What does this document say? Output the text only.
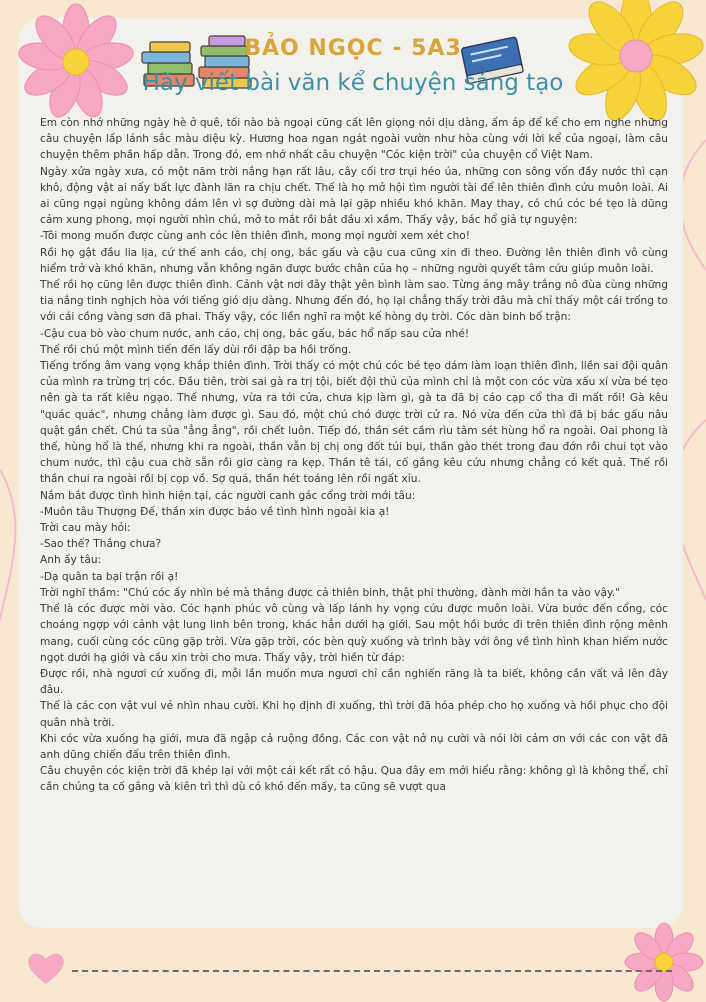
BẢO NGỌC - 5A3
Hãy viết bài văn kể chuyện sáng tạo

Em còn nhớ những ngày hè ở quê, tối nào bà ngoại cũng cất lên giọng nói dịu dàng, ấm áp để kể cho em nghe những câu chuyện lấp lánh sắc màu diệu kỳ. Hương hoa ngan ngát ngoài vườn như hòa cùng với lời kể của ngoại, làm câu chuyện thêm phần hấp dẫn. Trong đó, em nhớ nhất câu chuyện "Cóc kiện trời" của chuyện cổ Việt Nam.

Ngày xửa ngày xưa, có một năm trời nắng hạn rất lâu, cây cối trơ trụi héo úa, những con sông vốn đầy nước thì cạn khô, động vật ai nấy bất lực đành lăn ra chịu chết. Thế là họ mở hội tìm người tài để lên thiên đình cứu muôn loài. Ai ai cũng ngại ngùng không dám lên vì sợ đường dài mà lại gặp nhiều khó khăn. May thay, có chú cóc bé tẹo là dũng cảm xung phong, mọi người nhìn chú, mở to mắt rồi bắt đầu xì xầm. Thấy vậy, bác hổ giả tự nguyện:

-Tôi mong muốn được cùng anh cóc lên thiên đình, mong mọi người xem xét cho!

Rồi họ gật đầu lia lịa, cứ thế anh cáo, chị ong, bác gấu và cậu cua cũng xin đi theo. Đường lên thiên đình vô cùng hiểm trở và khó khăn, nhưng vẫn không ngăn được bước chân của họ – những người quyết tâm cứu giúp muôn loài.

Thế rồi họ cũng lên được thiên đình. Cảnh vật nơi đây thật yên bình làm sao. Từng áng mây trắng nô đùa cùng những tia nắng tinh nghịch hòa với tiếng gió dịu dàng. Nhưng đến đó, họ lại chẳng thấy trời đâu mà chỉ thấy một cái trống to với cái cồng vàng sơn đã phai. Thấy vậy, cóc liền nghĩ ra một kế hòng dụ trời. Cóc dàn binh bố trận:

-Cậu cua bò vào chum nước, anh cáo, chị ong, bác gấu, bác hổ nấp sau cửa nhé!

Thế rồi chú một mình tiến đến lấy dùi rồi đập ba hồi trống.

Tiếng trống âm vang vọng khắp thiên đình. Trời thấy có một chú cóc bé tẹo dám làm loạn thiên đình, liền sai đội quân của mình ra trừng trị cóc. Đầu tiên, trời sai gà ra trị tội, biết đội thủ của mình chỉ là một con cóc vừa xấu xí vừa bé tẹo nên gà ta rất kiêu ngạo. Thế nhưng, vừa ra tới cửa, chưa kịp làm gì, gà ta đã bị cáo cạp cổ tha đi mất rồi! Gà kêu "quác quác", nhưng chẳng làm được gì. Sau đó, một chú chó được trời cử ra. Nó vừa đến cửa thì đã bị bác gấu nâu quật gần chết. Chú ta sủa "ẳng ẳng", rồi chết luôn. Tiếp đó, thần sét cầm rìu tâm sét hùng hổ ra ngoài. Oai phong là thế, hùng hổ là thế, nhưng khi ra ngoài, thần vẫn bị chị ong đốt túi bụi, thần gào thét trong đau đớn rồi chui tọt vào chum nước, thì cậu cua chờ sẵn rồi giơ càng ra kẹp. Thần tê tái, cố gắng kêu cứu nhưng chẳng có kết quả. Thế rồi thần chui ra ngoài rồi bị cọp vồ. Sợ quá, thần hét toáng lên rồi ngất xỉu.

Nắm bắt được tình hình hiện tại, các người canh gác cổng trời mới tâu:

-Muôn tâu Thượng Đế, thần xin được báo về tình hình ngoài kia ạ!

Trời cau mày hỏi:

-Sao thế? Thắng chưa?

Anh ấy tâu:

-Dạ quân ta bại trận rồi ạ!

Trời nghĩ thầm: "Chú cóc ấy nhìn bé mà thắng được cả thiên binh, thật phi thường, đành mời hắn ta vào vậy."

Thế là cóc được mời vào. Cóc hạnh phúc vô cùng và lấp lánh hy vọng cứu được muôn loài. Vừa bước đến cổng, cóc choáng ngợp với cảnh vật lung linh bên trong, khác hẳn dưới hạ giới. Sau một hồi bước đi trên thiên đình rộng mênh mang, cuối cùng cóc cũng gặp trời. Vừa gặp trời, cóc bèn quỳ xuống và trình bày với ông về tình hình khan hiếm nước ngọt dưới hạ giới và cầu xin trời cho mưa. Thấy vậy, trời hiền từ đáp:

Được rồi, nhà ngươi cứ xuống đi, mỗi lần muốn mưa ngươi chỉ cần nghiến răng là ta biết, không cần vất vả lên đây đâu.

Thế là các con vật vui vẻ nhìn nhau cười. Khi họ định đi xuống, thì trời đã hóa phép cho họ xuống và hồi phục cho đội quân nhà trời.

Khi cóc vừa xuống hạ giới, mưa đã ngập cả ruộng đồng. Các con vật nở nụ cười và nói lời cảm ơn với các con vật đã anh dũng chiến đấu trên thiên đình.

Câu chuyện cóc kiện trời đã khép lại với một cái kết rất có hậu. Qua đây em mới hiểu rằng: không gì là không thể, chỉ cần chúng ta cố gắng và kiên trì thì dù có khó đến mấy, ta cũng sẽ vượt qua
